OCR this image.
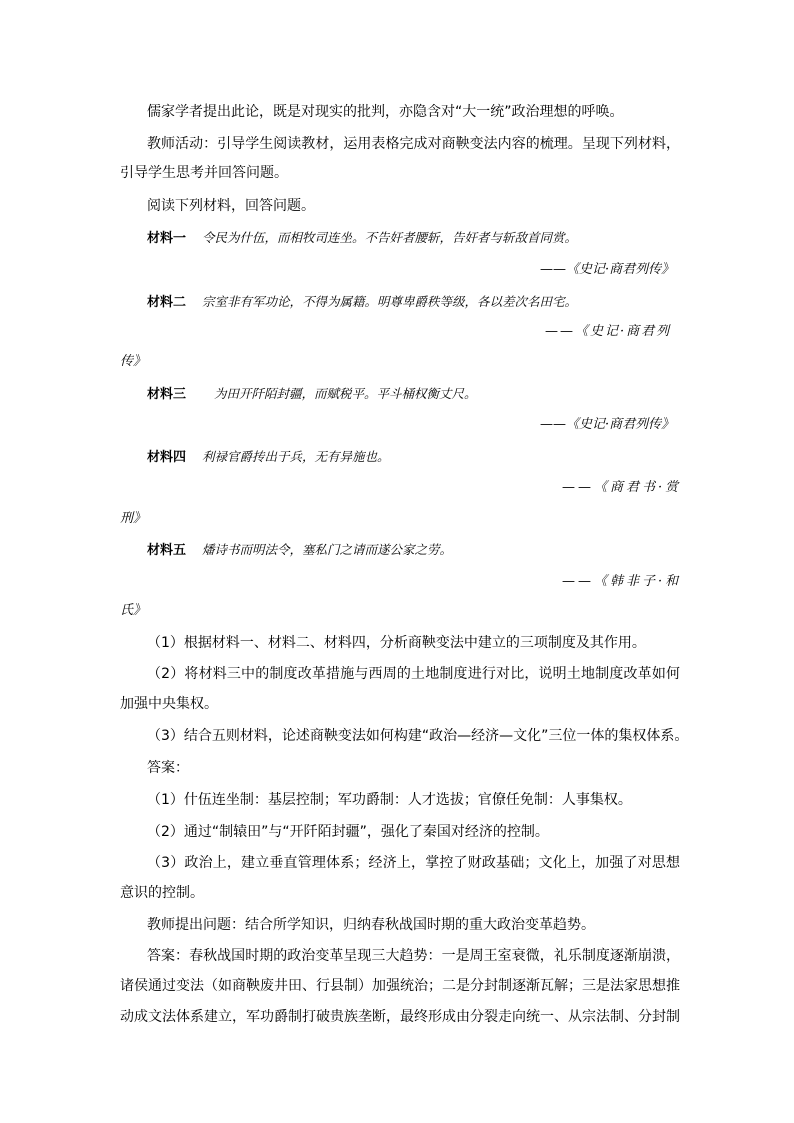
儒家学者提出此论，既是对现实的批判，亦隐含对“大一统”政治理想的呼唤。
教师活动：引导学生阅读教材，运用表格完成对商鞅变法内容的梳理。呈现下列材料，
引导学生思考并回答问题。
阅读下列材料，回答问题。
材料一 令民为什伍，而相牧司连坐。不告奸者腰斩，告奸者与斩敌首同赏。
——《史记·商君列传》
材料二 宗室非有军功论，不得为属籍。明尊卑爵秩等级，各以差次名田宅。
——《史记·商君列
传》
材料三 为田开阡陌封疆，而赋税平。平斗桶权衡丈尺。
——《史记·商君列传》
材料四 利禄官爵抟出于兵，无有异施也。
——《商君书·赏
刑》
材料五 燔诗书而明法令，塞私门之请而遂公家之劳。
——《韩非子·和
氏》
（1）根据材料一、材料二、材料四，分析商鞅变法中建立的三项制度及其作用。
（2）将材料三中的制度改革措施与西周的土地制度进行对比，说明土地制度改革如何
加强中央集权。
（3）结合五则材料，论述商鞅变法如何构建“政治—经济—文化”三位一体的集权体系。
答案：
（1）什伍连坐制：基层控制；军功爵制：人才选拔；官僚任免制：人事集权。
（2）通过“制辕田”与“开阡陌封疆”，强化了秦国对经济的控制。
（3）政治上，建立垂直管理体系；经济上，掌控了财政基础；文化上，加强了对思想
意识的控制。
教师提出问题：结合所学知识，归纳春秋战国时期的重大政治变革趋势。
答案：春秋战国时期的政治变革呈现三大趋势：一是周王室衰微，礼乐制度逐渐崩溃，
诸侯通过变法（如商鞅废井田、行县制）加强统治；二是分封制逐渐瓦解；三是法家思想推
动成文法体系建立，军功爵制打破贵族垄断，最终形成由分裂走向统一、从宗法制、分封制
